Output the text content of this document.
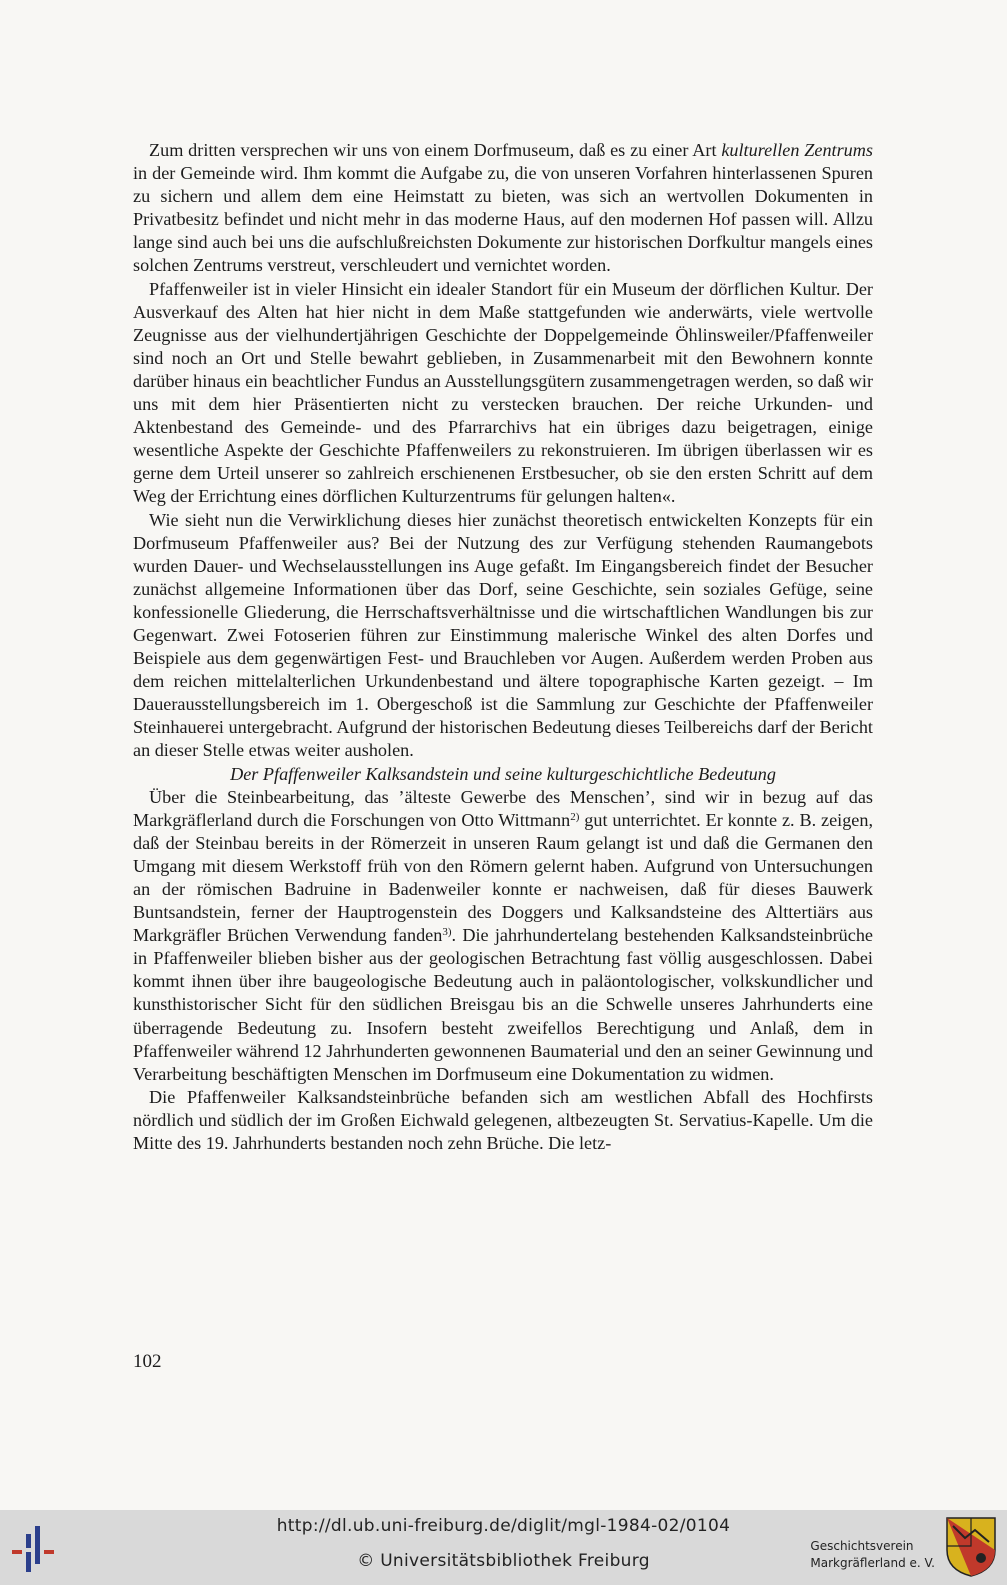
Zum dritten versprechen wir uns von einem Dorfmuseum, daß es zu einer Art kulturellen Zentrums in der Gemeinde wird. Ihm kommt die Aufgabe zu, die von unseren Vorfahren hinterlassenen Spuren zu sichern und allem dem eine Heimstatt zu bieten, was sich an wertvollen Dokumenten in Privatbesitz befindet und nicht mehr in das moderne Haus, auf den modernen Hof passen will. Allzu lange sind auch bei uns die aufschlußreichsten Dokumente zur historischen Dorfkultur mangels eines solchen Zentrums verstreut, verschleudert und vernichtet worden.

Pfaffenweiler ist in vieler Hinsicht ein idealer Standort für ein Museum der dörflichen Kultur. Der Ausverkauf des Alten hat hier nicht in dem Maße stattgefunden wie anderwärts, viele wertvolle Zeugnisse aus der vielhundertjährigen Geschichte der Doppelgemeinde Öhlinsweiler/Pfaffenweiler sind noch an Ort und Stelle bewahrt geblieben, in Zusammenarbeit mit den Bewohnern konnte darüber hinaus ein beachtlicher Fundus an Ausstellungsgütern zusammengetragen werden, so daß wir uns mit dem hier Präsentierten nicht zu verstecken brauchen. Der reiche Urkunden- und Aktenbestand des Gemeinde- und des Pfarrarchivs hat ein übriges dazu beigetragen, einige wesentliche Aspekte der Geschichte Pfaffenweilers zu rekonstruieren. Im übrigen überlassen wir es gerne dem Urteil unserer so zahlreich erschienenen Erstbesucher, ob sie den ersten Schritt auf dem Weg der Errichtung eines dörflichen Kulturzentrums für gelungen halten«.

Wie sieht nun die Verwirklichung dieses hier zunächst theoretisch entwickelten Konzepts für ein Dorfmuseum Pfaffenweiler aus? Bei der Nutzung des zur Verfügung stehenden Raumangebots wurden Dauer- und Wechselausstellungen ins Auge gefaßt. Im Eingangsbereich findet der Besucher zunächst allgemeine Informationen über das Dorf, seine Geschichte, sein soziales Gefüge, seine konfessionelle Gliederung, die Herrschaftsverhältnisse und die wirtschaftlichen Wandlungen bis zur Gegenwart. Zwei Fotoserien führen zur Einstimmung malerische Winkel des alten Dorfes und Beispiele aus dem gegenwärtigen Fest- und Brauchleben vor Augen. Außerdem werden Proben aus dem reichen mittelalterlichen Urkundenbestand und ältere topographische Karten gezeigt. – Im Dauerausstellungsbereich im 1. Obergeschoß ist die Sammlung zur Geschichte der Pfaffenweiler Steinhauerei untergebracht. Aufgrund der historischen Bedeutung dieses Teilbereichs darf der Bericht an dieser Stelle etwas weiter ausholen.

Der Pfaffenweiler Kalksandstein und seine kulturgeschichtliche Bedeutung

Über die Steinbearbeitung, das ’älteste Gewerbe des Menschen’, sind wir in bezug auf das Markgräflerland durch die Forschungen von Otto Wittmann$^{2)}$ gut unterrichtet. Er konnte z. B. zeigen, daß der Steinbau bereits in der Römerzeit in unseren Raum gelangt ist und daß die Germanen den Umgang mit diesem Werkstoff früh von den Römern gelernt haben. Aufgrund von Untersuchungen an der römischen Badruine in Badenweiler konnte er nachweisen, daß für dieses Bauwerk Buntsandstein, ferner der Hauptrogenstein des Doggers und Kalksandsteine des Alttertiärs aus Markgräfler Brüchen Verwendung fanden$^{3)}$. Die jahrhundertelang bestehenden Kalksandsteinbrüche in Pfaffenweiler blieben bisher aus der geologischen Betrachtung fast völlig ausgeschlossen. Dabei kommt ihnen über ihre baugeologische Bedeutung auch in paläontologischer, volkskundlicher und kunsthistorischer Sicht für den südlichen Breisgau bis an die Schwelle unseres Jahrhunderts eine überragende Bedeutung zu. Insofern besteht zweifellos Berechtigung und Anlaß, dem in Pfaffenweiler während 12 Jahrhunderten gewonnenen Baumaterial und den an seiner Gewinnung und Verarbeitung beschäftigten Menschen im Dorfmuseum eine Dokumentation zu widmen.

Die Pfaffenweiler Kalksandsteinbrüche befanden sich am westlichen Abfall des Hochfirsts nördlich und südlich der im Großen Eichwald gelegenen, altbezeugten St. Servatius-Kapelle. Um die Mitte des 19. Jahrhunderts bestanden noch zehn Brüche. Die letz-

102
http://dl.ub.uni-freiburg.de/diglit/mgl-1984-02/0104
© Universitätsbibliothek Freiburg
Geschichtsverein
Markgräflerland e. V.
